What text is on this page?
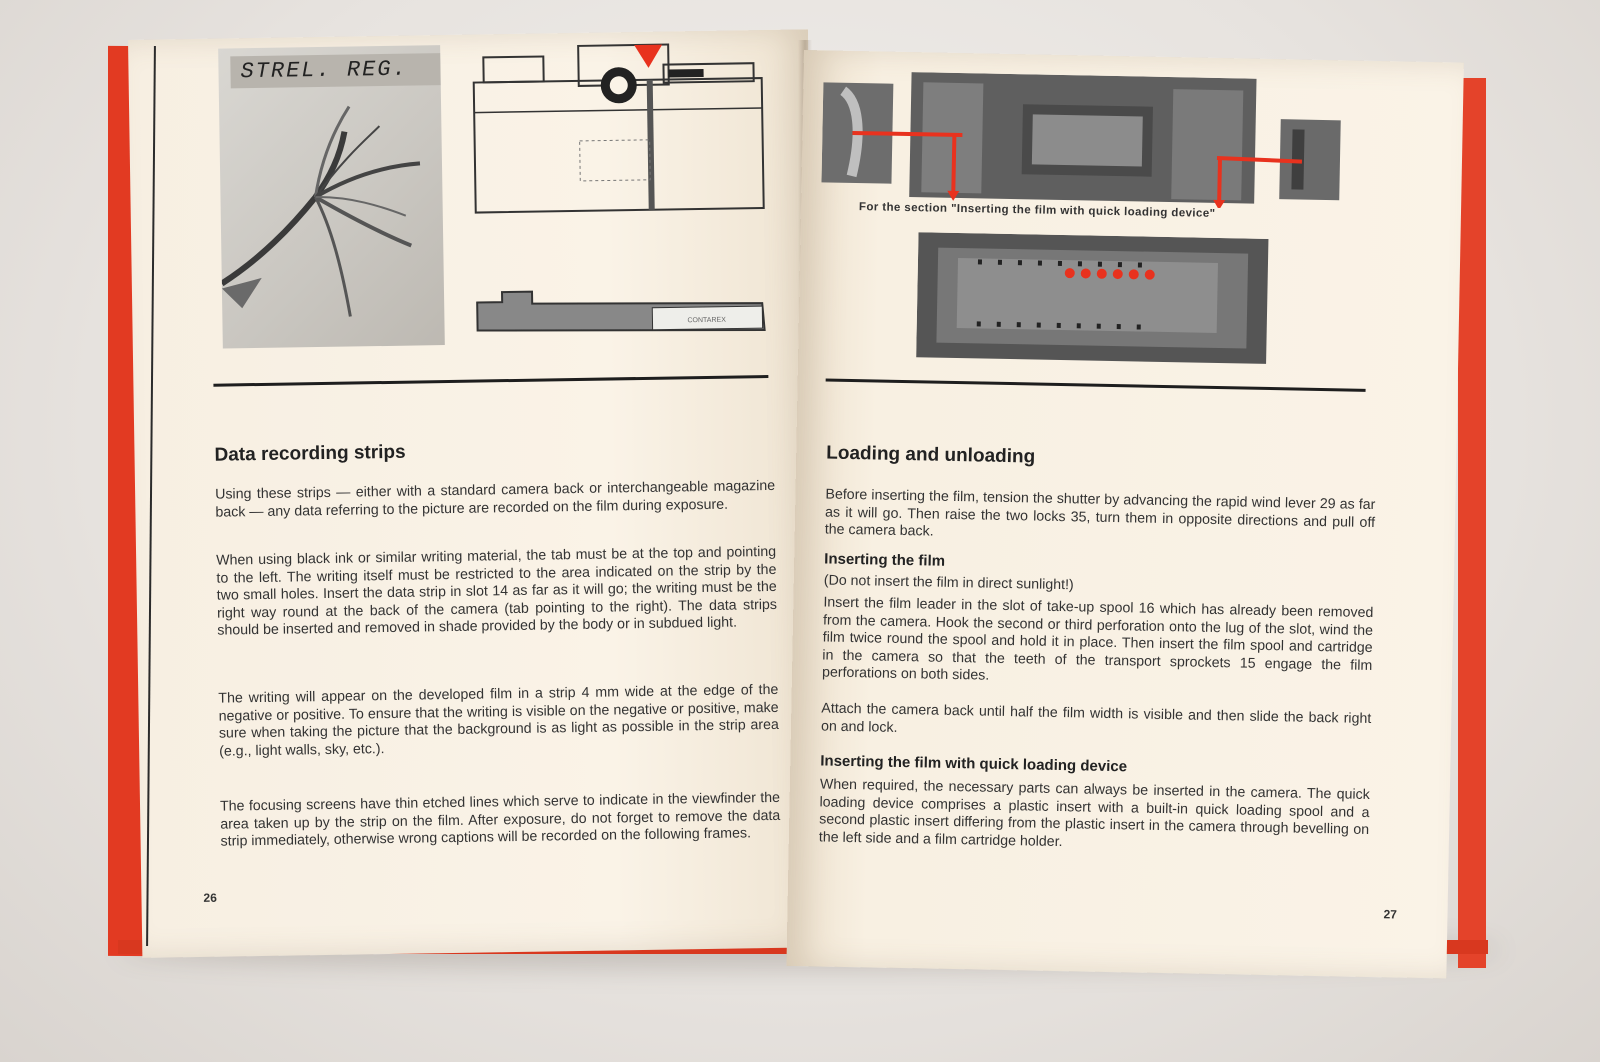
STREL. REG.
CONTAREX
Data recording strips
Using these strips — either with a standard camera back or interchangeable magazine back — any data referring to the picture are recorded on the film during exposure.
When using black ink or similar writing material, the tab must be at the top and pointing to the left. The writing itself must be restricted to the area indicated on the strip by the two small holes. Insert the data strip in slot 14 as far as it will go; the writing must be the right way round at the back of the camera (tab pointing to the right). The data strips should be inserted and removed in shade provided by the body or in subdued light.
The writing will appear on the developed film in a strip 4 mm wide at the edge of the negative or positive. To ensure that the writing is visible on the negative or positive, make sure when taking the picture that the background is as light as possible in the strip area (e.g., light walls, sky, etc.).
The focusing screens have thin etched lines which serve to indicate in the viewfinder the area taken up by the strip on the film. After exposure, do not forget to remove the data strip immediately, otherwise wrong captions will be recorded on the following frames.
26
For the section "Inserting the film with quick loading device"
Loading and unloading
Before inserting the film, tension the shutter by advancing the rapid wind lever 29 as far as it will go. Then raise the two locks 35, turn them in opposite directions and pull off the camera back.
Inserting the film
(Do not insert the film in direct sunlight!)
Insert the film leader in the slot of take-up spool 16 which has already been removed from the camera. Hook the second or third perforation onto the lug of the slot, wind the film twice round the spool and hold it in place. Then insert the film spool and cartridge in the camera so that the teeth of the transport sprockets 15 engage the film perforations on both sides.
Attach the camera back until half the film width is visible and then slide the back right on and lock.
Inserting the film with quick loading device
When required, the necessary parts can always be inserted in the camera. The quick loading device comprises a plastic insert with a built-in quick loading spool and a second plastic insert differing from the plastic insert in the camera through bevelling on the left side and a film cartridge holder.
27
